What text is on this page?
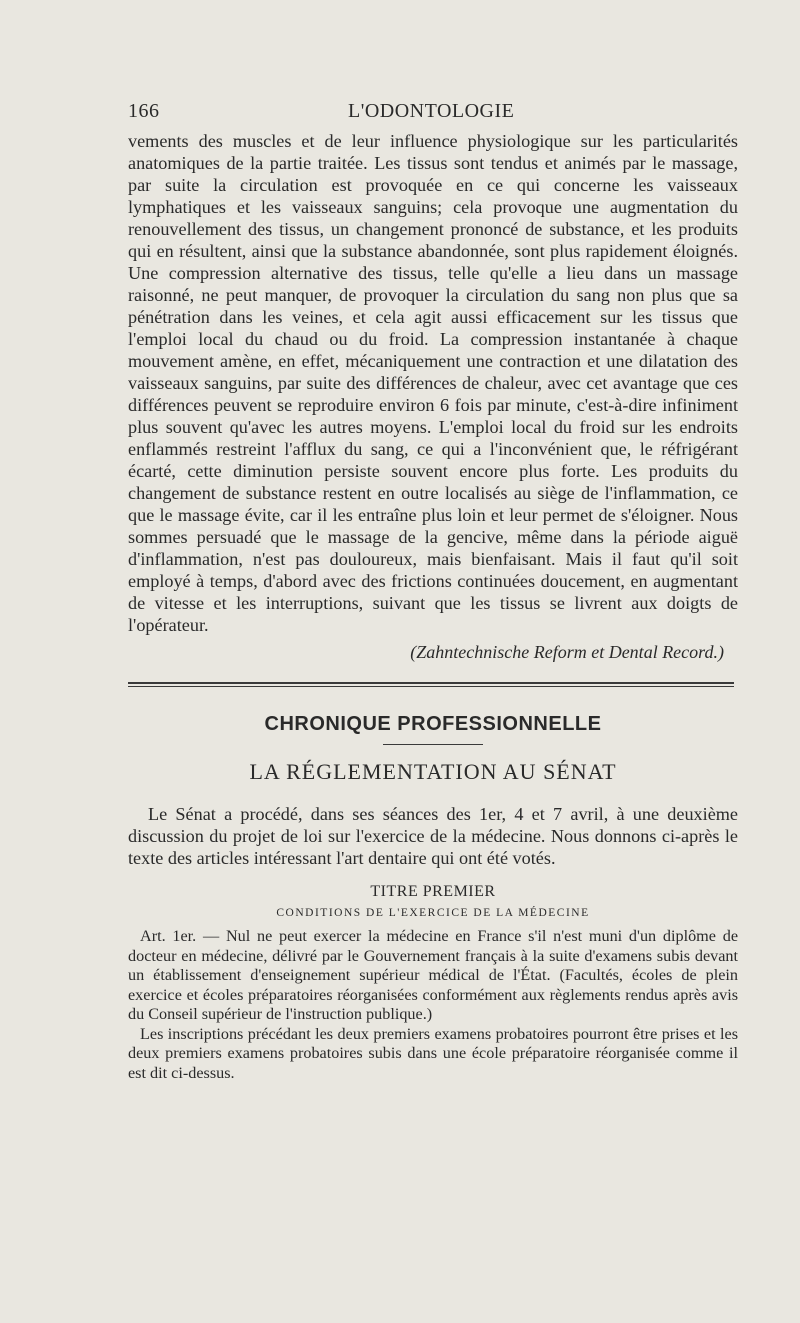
166	L'ODONTOLOGIE

vements des muscles et de leur influence physiologique sur les particularités anatomiques de la partie traitée. Les tissus sont tendus et animés par le massage, par suite la circulation est provoquée en ce qui concerne les vaisseaux lymphatiques et les vaisseaux sanguins; cela provoque une augmentation du renouvellement des tissus, un changement prononcé de substance, et les produits qui en résultent, ainsi que la substance abandonnée, sont plus rapidement éloignés. Une compression alternative des tissus, telle qu'elle a lieu dans un massage raisonné, ne peut manquer, de provoquer la circulation du sang non plus que sa pénétration dans les veines, et cela agit aussi efficacement sur les tissus que l'emploi local du chaud ou du froid. La compression instantanée à chaque mouvement amène, en effet, mécaniquement une contraction et une dilatation des vaisseaux sanguins, par suite des différences de chaleur, avec cet avantage que ces différences peuvent se reproduire environ 6 fois par minute, c'est-à-dire infiniment plus souvent qu'avec les autres moyens. L'emploi local du froid sur les endroits enflammés restreint l'afflux du sang, ce qui a l'inconvénient que, le réfrigérant écarté, cette diminution persiste souvent encore plus forte. Les produits du changement de substance restent en outre localisés au siège de l'inflammation, ce que le massage évite, car il les entraîne plus loin et leur permet de s'éloigner. Nous sommes persuadé que le massage de la gencive, même dans la période aiguë d'inflammation, n'est pas douloureux, mais bienfaisant. Mais il faut qu'il soit employé à temps, d'abord avec des frictions continuées doucement, en augmentant de vitesse et les interruptions, suivant que les tissus se livrent aux doigts de l'opérateur.

(Zahntechnische Reform et Dental Record.)
CHRONIQUE PROFESSIONNELLE
LA RÉGLEMENTATION AU SÉNAT
Le Sénat a procédé, dans ses séances des 1er, 4 et 7 avril, à une deuxième discussion du projet de loi sur l'exercice de la médecine. Nous donnons ci-après le texte des articles intéressant l'art dentaire qui ont été votés.
TITRE PREMIER
CONDITIONS DE L'EXERCICE DE LA MÉDECINE

Art. 1er. — Nul ne peut exercer la médecine en France s'il n'est muni d'un diplôme de docteur en médecine, délivré par le Gouvernement français à la suite d'examens subis devant un établissement d'enseignement supérieur médical de l'État. (Facultés, écoles de plein exercice et écoles préparatoires réorganisées conformément aux règlements rendus après avis du Conseil supérieur de l'instruction publique.)

Les inscriptions précédant les deux premiers examens probatoires pourront être prises et les deux premiers examens probatoires subis dans une école préparatoire réorganisée comme il est dit ci-dessus.
